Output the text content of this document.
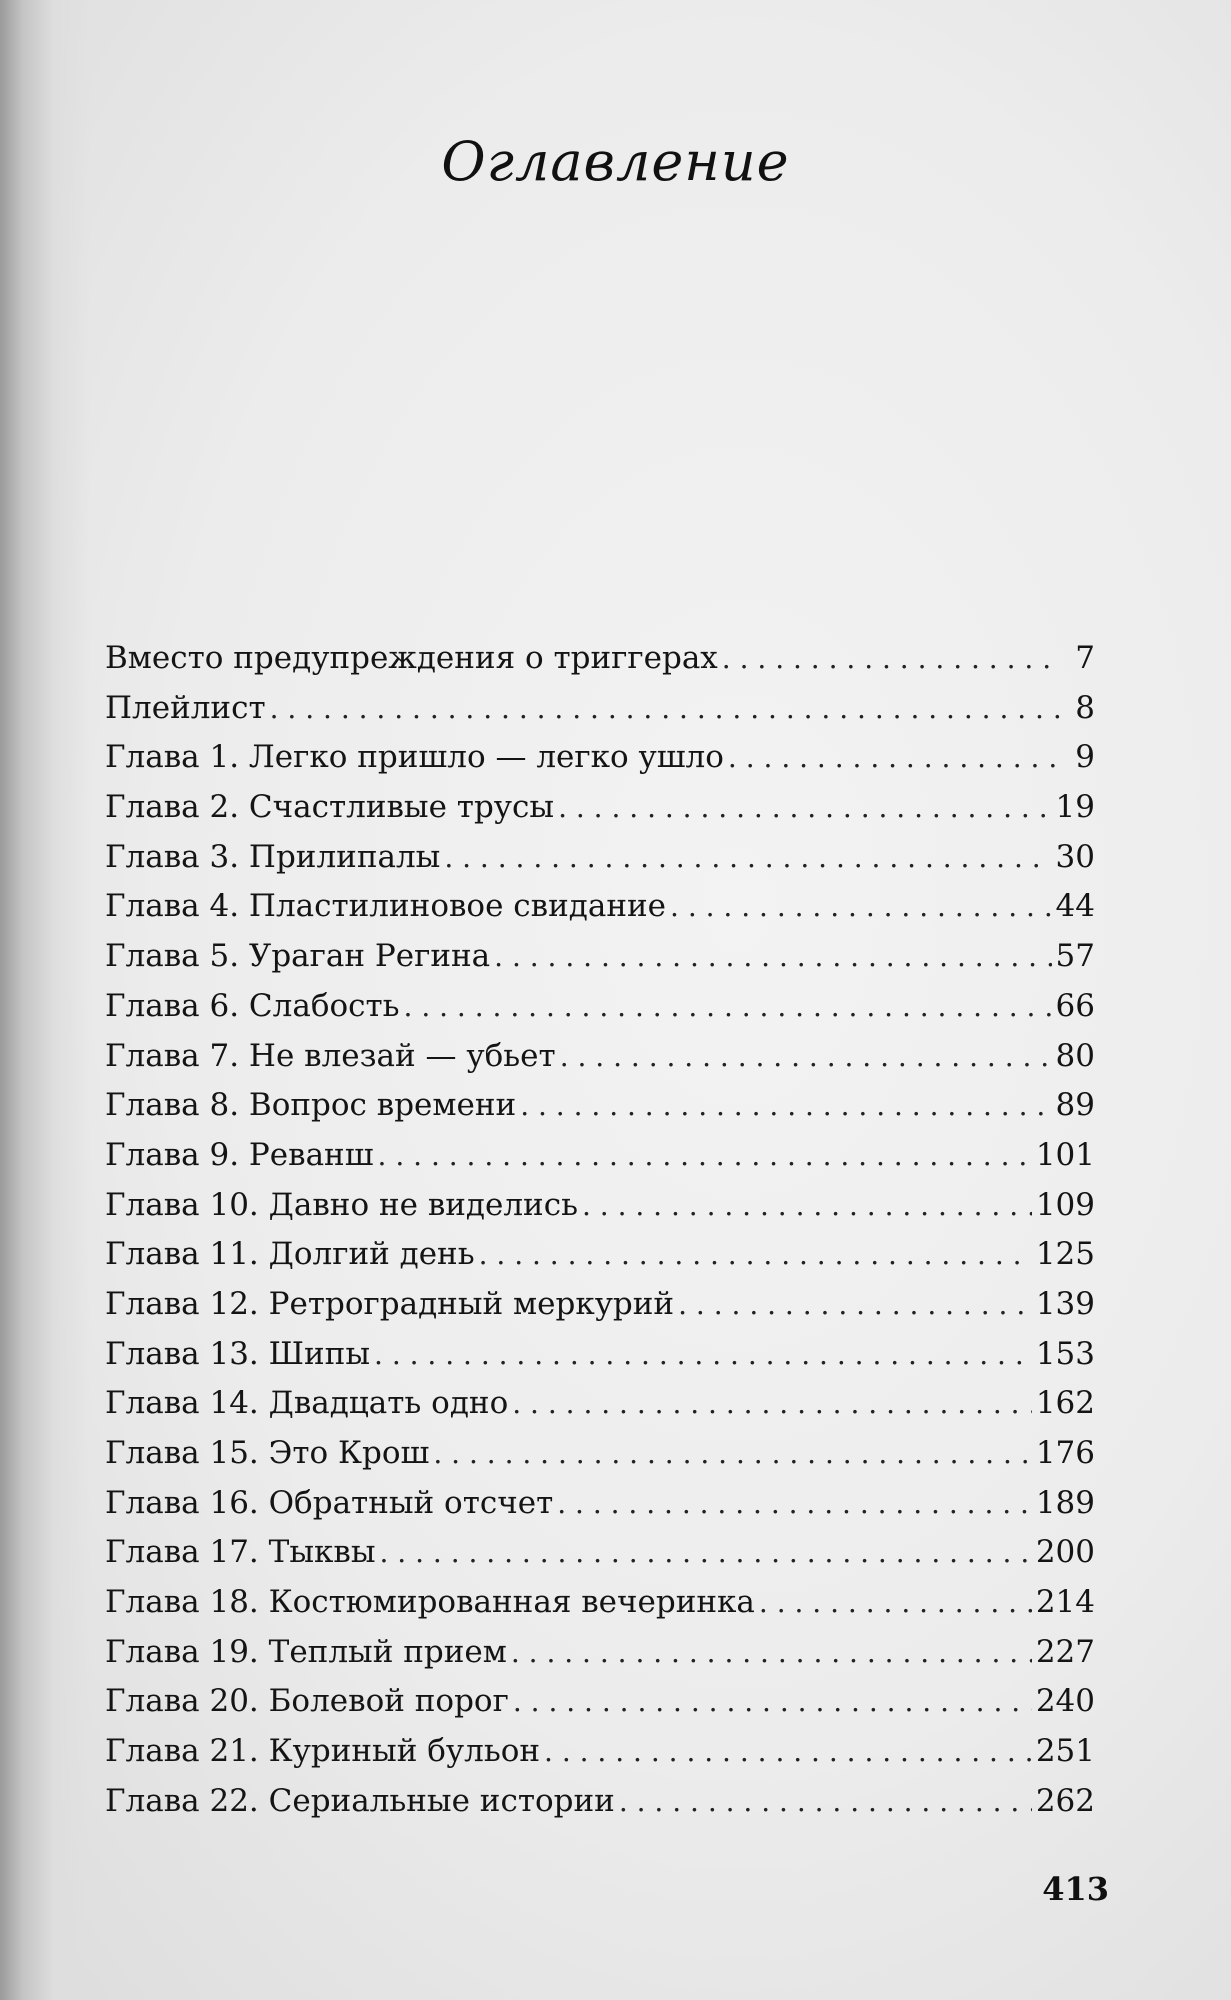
Оглавление
Вместо предупреждения о триггерах . . .	7
Плейлист . . .	8
Глава 1. Легко пришло — легко ушло . . .	9
Глава 2. Счастливые трусы . . .	19
Глава 3. Прилипалы . . .	30
Глава 4. Пластилиновое свидание . . .	44
Глава 5. Ураган Регина . . .	57
Глава 6. Слабость . . .	66
Глава 7. Не влезай — убьет . . .	80
Глава 8. Вопрос времени . . .	89
Глава 9. Реванш . . .	101
Глава 10. Давно не виделись . . .	109
Глава 11. Долгий день . . .	125
Глава 12. Ретроградный меркурий . . .	139
Глава 13. Шипы . . .	153
Глава 14. Двадцать одно . . .	162
Глава 15. Это Крош . . .	176
Глава 16. Обратный отсчет . . .	189
Глава 17. Тыквы . . .	200
Глава 18. Костюмированная вечеринка . . .	214
Глава 19. Теплый прием . . .	227
Глава 20. Болевой порог . . .	240
Глава 21. Куриный бульон . . .	251
Глава 22. Сериальные истории . . .	262
413
